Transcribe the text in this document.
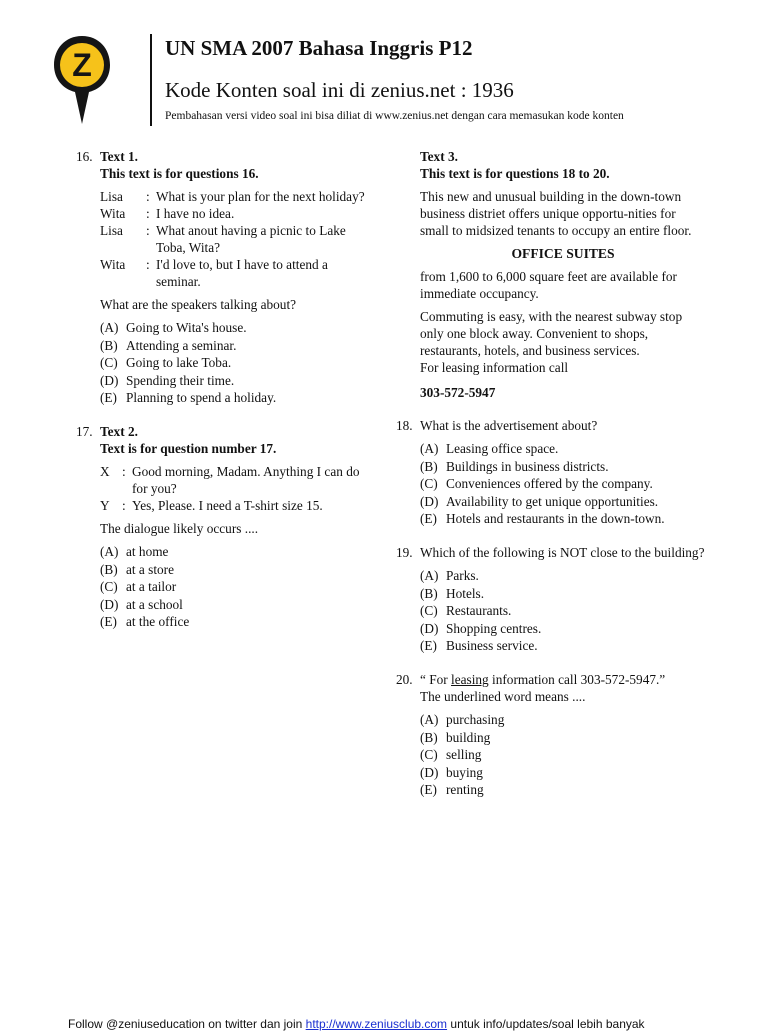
Z	UN SMA 2007 Bahasa Inggris P12
Kode Konten soal ini di zenius.net : 1936
Pembahasan versi video soal ini bisa diliat di www.zenius.net dengan cara memasukan kode konten
16. Text 1.

This text is for questions 16.

Lisa	: What is your plan for the next holiday?
Wita	: I have no idea.
Lisa	: What anout having a picnic to Lake Toba, Wita?
Wita	: I'd love to, but I have to attend a seminar.

What are the speakers talking about?

(A) Going to Wita's house.
(B) Attending a seminar.
(C) Going to lake Toba.
(D) Spending their time.
(E) Planning to spend a holiday.
17. Text 2.

Text is for question number 17.

X : Good morning, Madam. Anything I can do for you?
Y : Yes, Please. I need a T-shirt size 15.

The dialogue likely occurs ....

(A) at home
(B) at a store
(C) at a tailor
(D) at a school
(E) at the office

Text 3.

This text is for questions 18 to 20.

This new and unusual building in the down-town business distriet offers unique opportu-nities for small to midsized tenants to occupy an entire floor.

OFFICE SUITES

from 1,600 to 6,000 square feet are available for immediate occupancy.

Commuting is easy, with the nearest subway stop only one block away. Convenient to shops, restaurants, hotels, and business services.

For leasing information call

303-572-5947

18. What is the advertisement about?

(A) Leasing office space.
(B) Buildings in business districts.
(C) Conveniences offered by the company.
(D) Availability to get unique opportunities.
(E) Hotels and restaurants in the down-town.
19. Which of the following is NOT close to the building?

(A) Parks.
(B) Hotels.
(C) Restaurants.
(D) Shopping centres.
(E) Business service.
20. “ For leasing information call 303-572-5947.”

The underlined word means ....

(A) purchasing
(B) building
(C) selling
(D) buying
(E) renting
Follow @zeniuseducation on twitter dan join http://www.zeniusclub.com untuk info/updates/soal lebih banyak
